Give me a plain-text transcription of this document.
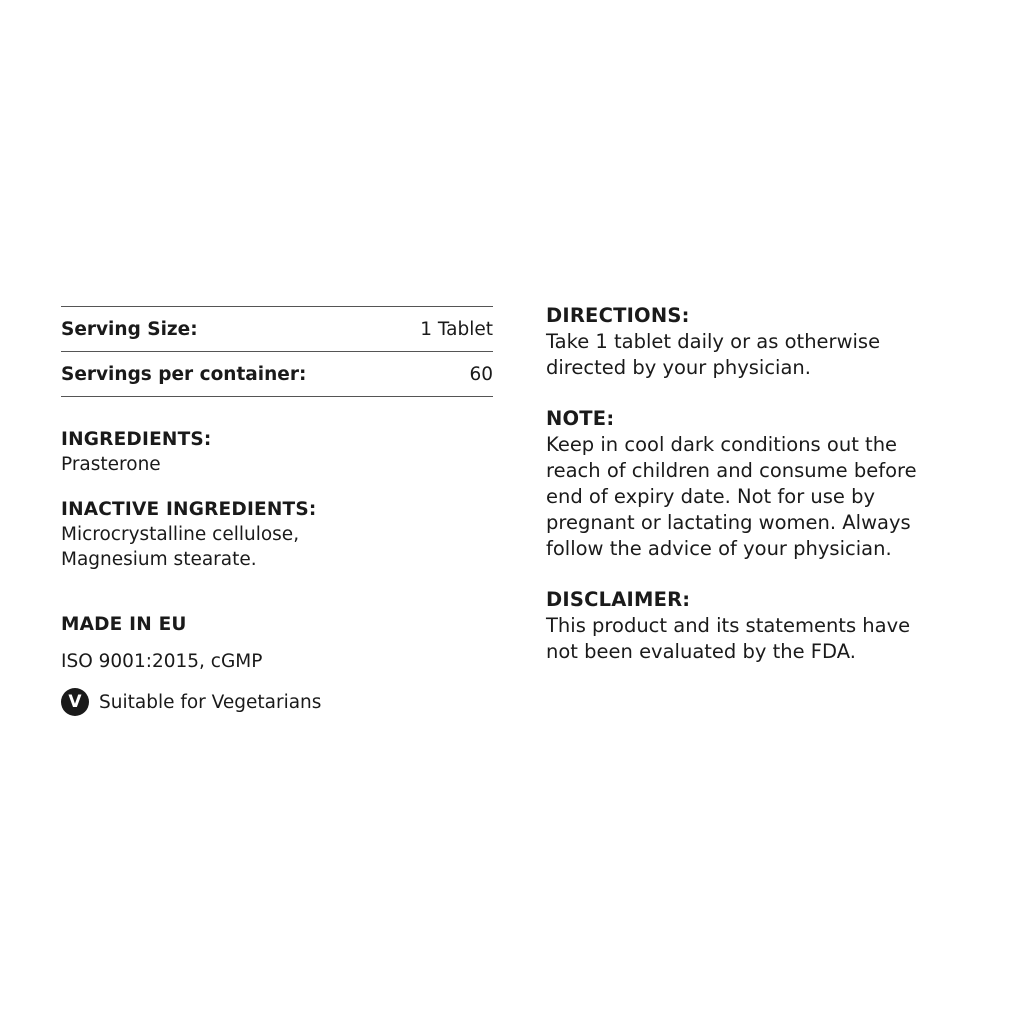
Serving Size:	1 Tablet
Servings per container:	60
INGREDIENTS:
Prasterone
INACTIVE INGREDIENTS:
Microcrystalline cellulose,
Magnesium stearate.
MADE IN EU
ISO 9001:2015, cGMP
V Suitable for Vegetarians
DIRECTIONS:
Take 1 tablet daily or as otherwise
directed by your physician.
NOTE:
Keep in cool dark conditions out the
reach of children and consume before
end of expiry date. Not for use by
pregnant or lactating women. Always
follow the advice of your physician.
DISCLAIMER:
This product and its statements have
not been evaluated by the FDA.
